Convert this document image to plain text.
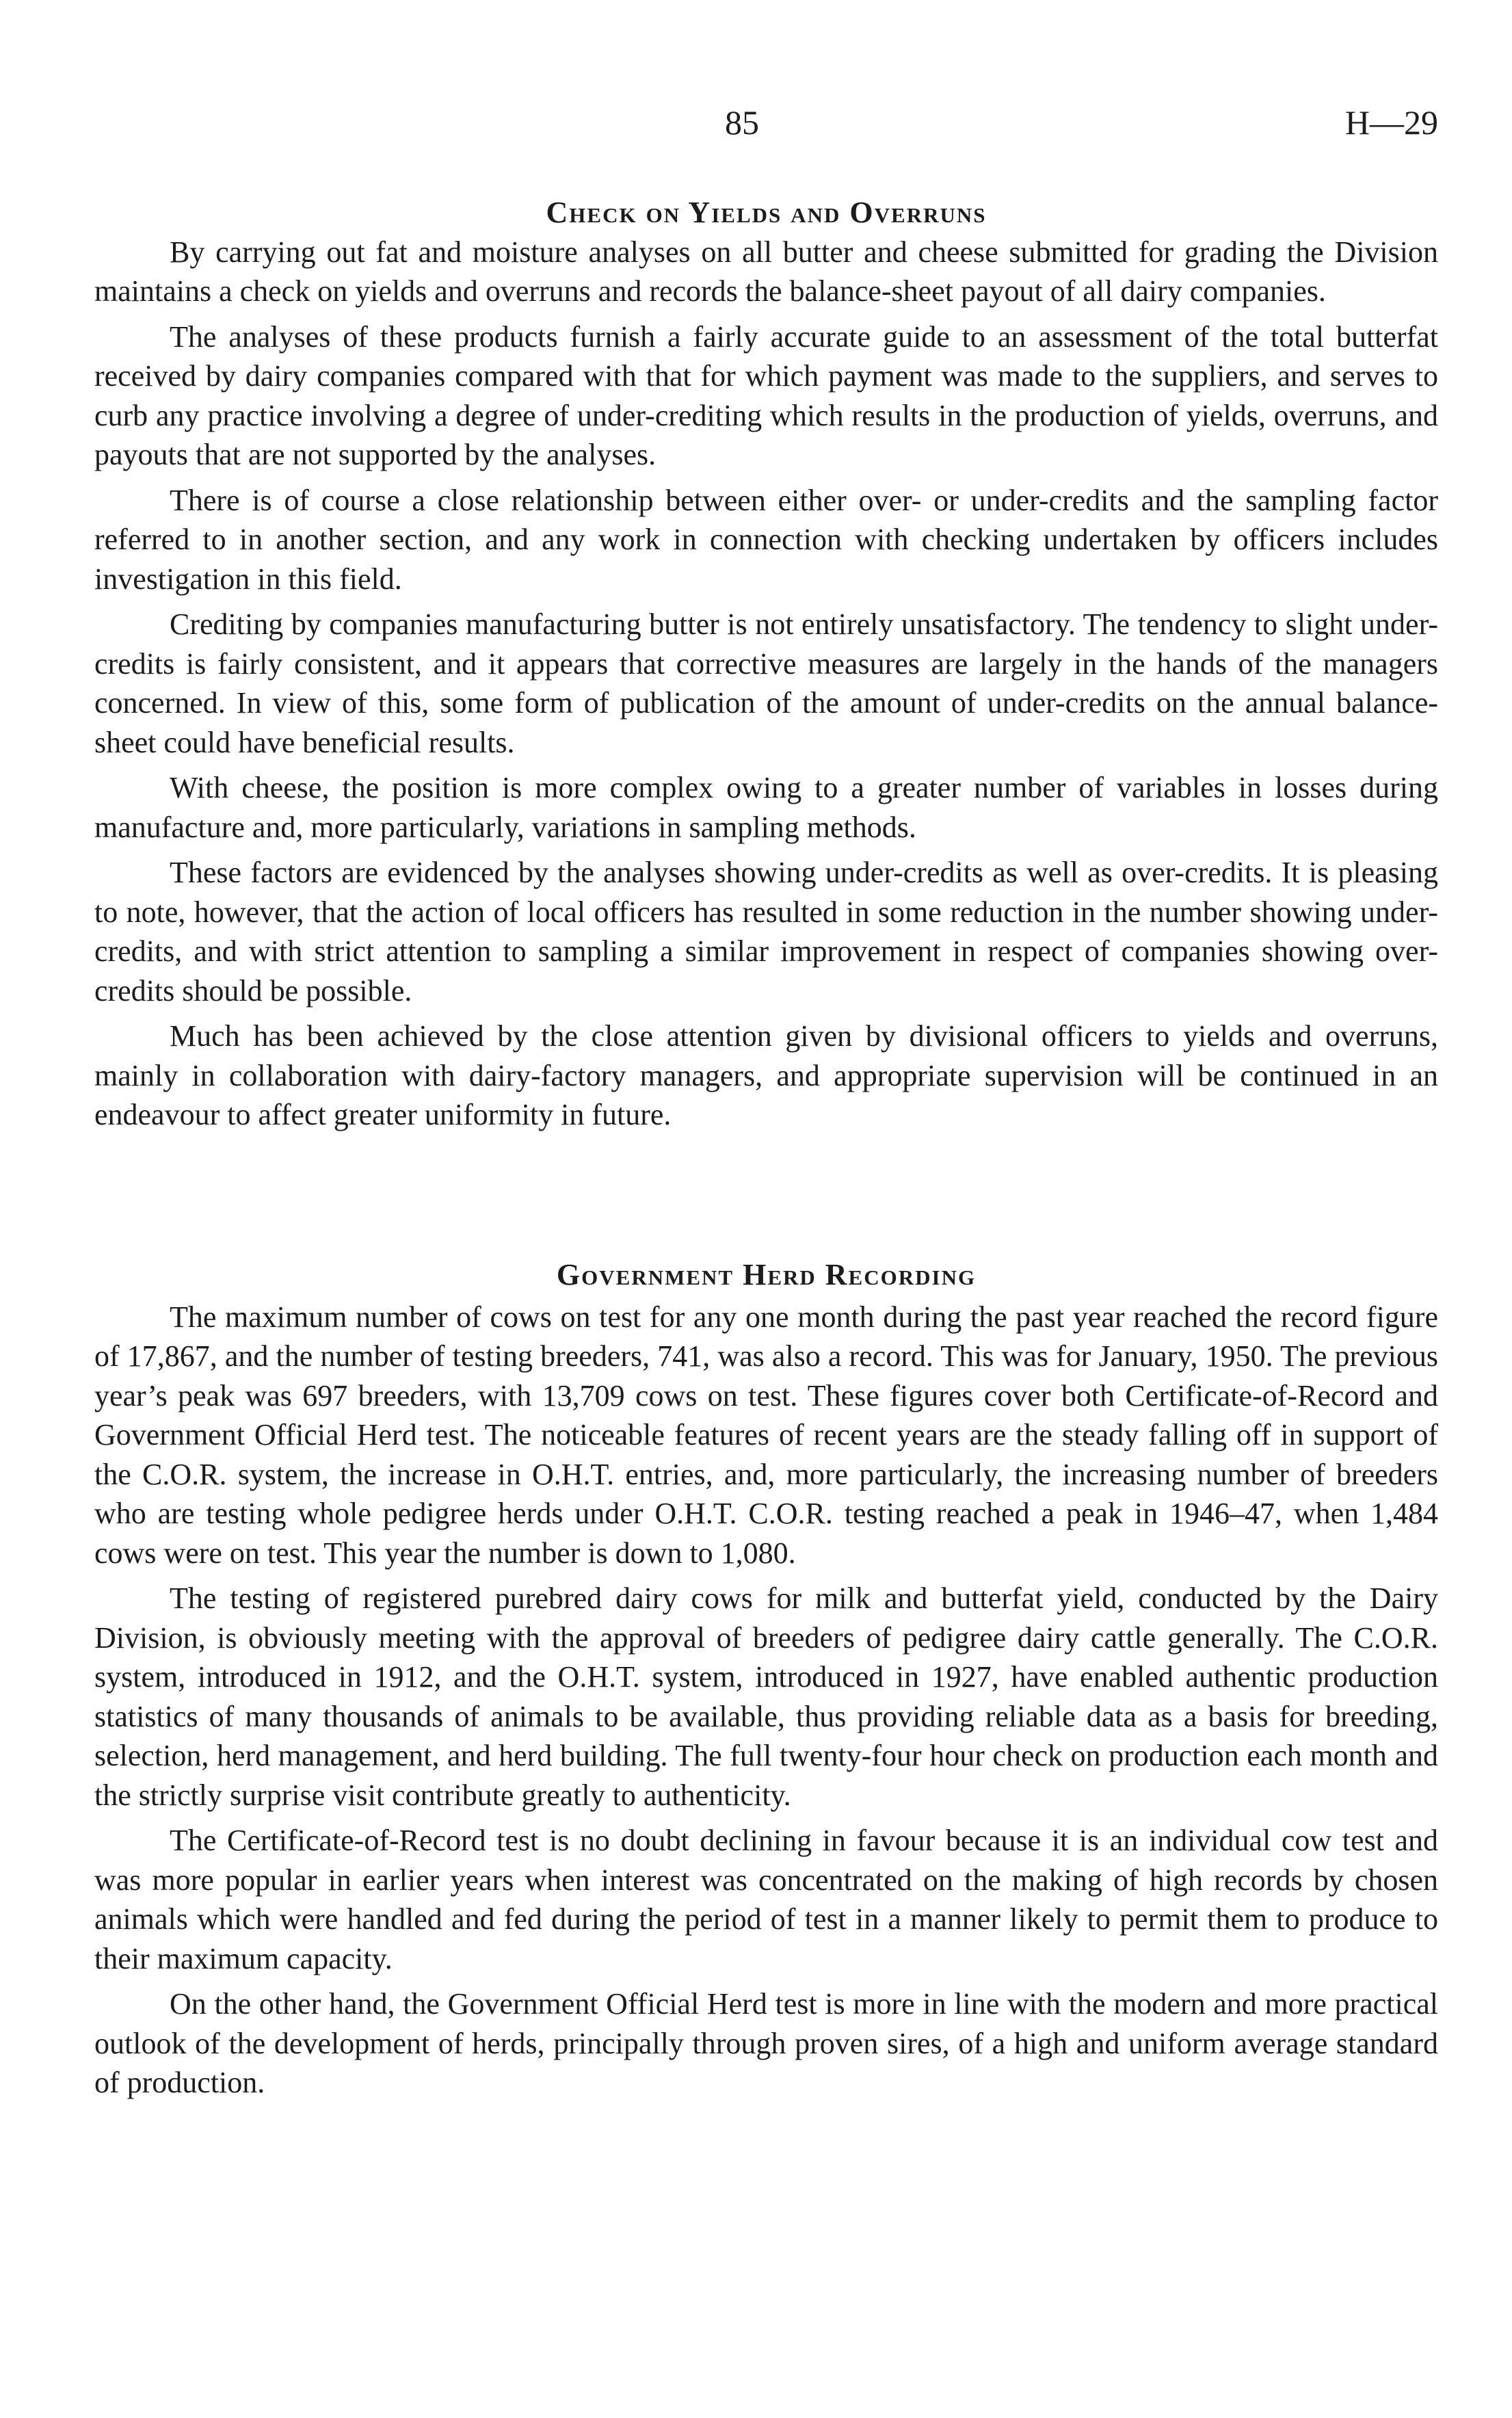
85	H—29
Check on Yields and Overruns

By carrying out fat and moisture analyses on all butter and cheese submitted for grading the Division maintains a check on yields and overruns and records the balance-sheet payout of all dairy companies.

The analyses of these products furnish a fairly accurate guide to an assessment of the total butterfat received by dairy companies compared with that for which payment was made to the suppliers, and serves to curb any practice involving a degree of under-crediting which results in the production of yields, overruns, and payouts that are not supported by the analyses.

There is of course a close relationship between either over- or under-credits and the sampling factor referred to in another section, and any work in connection with checking undertaken by officers includes investigation in this field.

Crediting by companies manufacturing butter is not entirely unsatisfactory. The tendency to slight under-credits is fairly consistent, and it appears that corrective measures are largely in the hands of the managers concerned. In view of this, some form of publication of the amount of under-credits on the annual balance-sheet could have beneficial results.

With cheese, the position is more complex owing to a greater number of variables in losses during manufacture and, more particularly, variations in sampling methods.

These factors are evidenced by the analyses showing under-credits as well as over-credits. It is pleasing to note, however, that the action of local officers has resulted in some reduction in the number showing under-credits, and with strict attention to sampling a similar improvement in respect of companies showing over-credits should be possible.

Much has been achieved by the close attention given by divisional officers to yields and overruns, mainly in collaboration with dairy-factory managers, and appropriate supervision will be continued in an endeavour to affect greater uniformity in future.

Government Herd Recording

The maximum number of cows on test for any one month during the past year reached the record figure of 17,867, and the number of testing breeders, 741, was also a record. This was for January, 1950. The previous year’s peak was 697 breeders, with 13,709 cows on test. These figures cover both Certificate-of-Record and Government Official Herd test. The noticeable features of recent years are the steady falling off in support of the C.O.R. system, the increase in O.H.T. entries, and, more particularly, the increasing number of breeders who are testing whole pedigree herds under O.H.T. C.O.R. testing reached a peak in 1946–47, when 1,484 cows were on test. This year the number is down to 1,080.

The testing of registered purebred dairy cows for milk and butterfat yield, conducted by the Dairy Division, is obviously meeting with the approval of breeders of pedigree dairy cattle generally. The C.O.R. system, introduced in 1912, and the O.H.T. system, introduced in 1927, have enabled authentic production statistics of many thousands of animals to be available, thus providing reliable data as a basis for breeding, selection, herd management, and herd building. The full twenty-four hour check on production each month and the strictly surprise visit contribute greatly to authenticity.

The Certificate-of-Record test is no doubt declining in favour because it is an individual cow test and was more popular in earlier years when interest was concentrated on the making of high records by chosen animals which were handled and fed during the period of test in a manner likely to permit them to produce to their maximum capacity.

On the other hand, the Government Official Herd test is more in line with the modern and more practical outlook of the development of herds, principally through proven sires, of a high and uniform average standard of production.
